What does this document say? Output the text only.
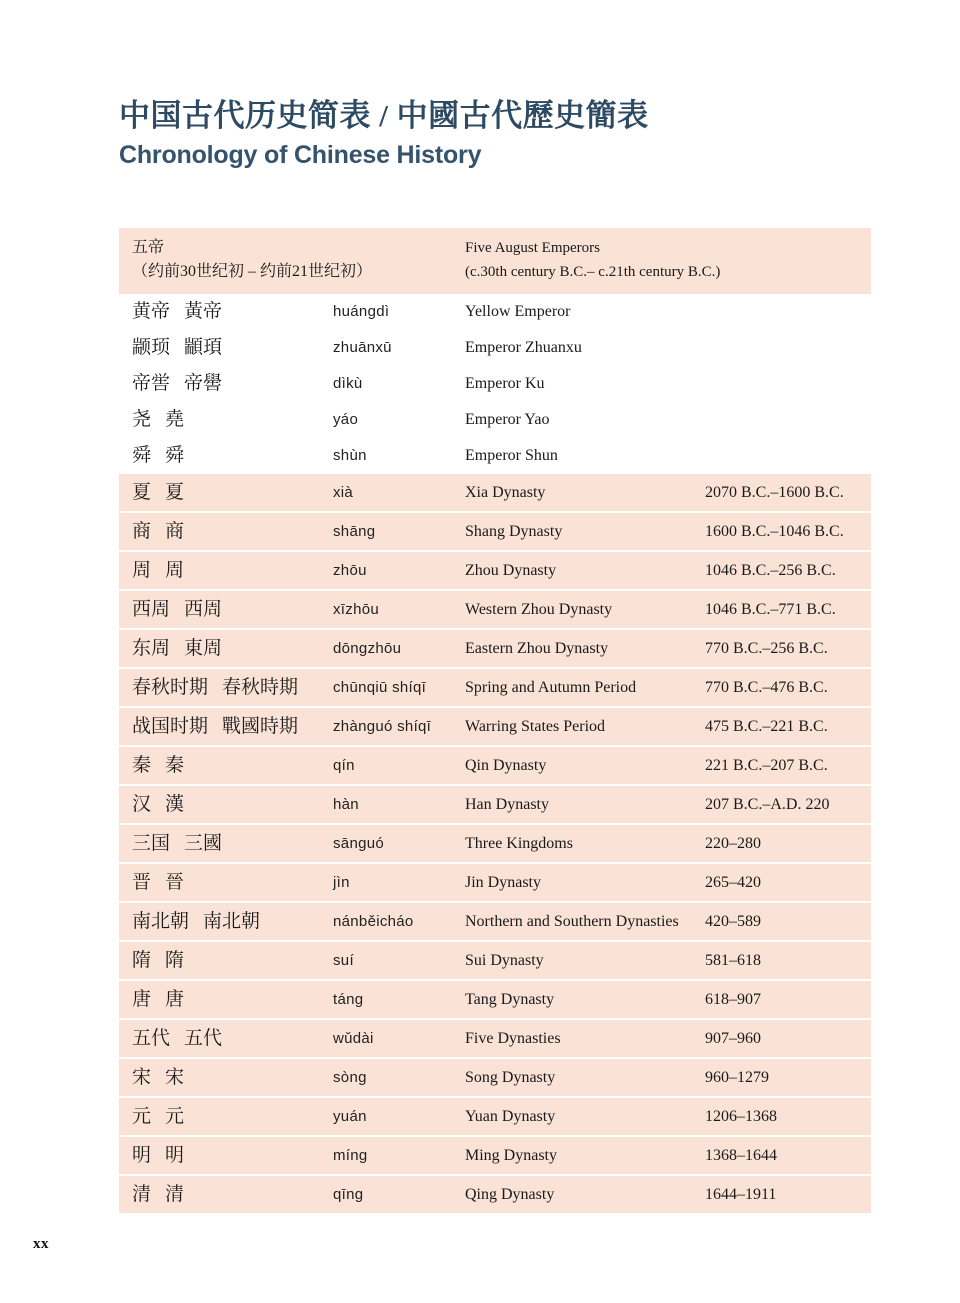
中国古代历史简表 / 中國古代歷史簡表
Chronology of Chinese History
五帝
（约前30世纪初 – 约前21世纪初）
Five August Emperors
(c.30th century B.C.– c.21th century B.C.)
黄帝 黃帝	huángdì	Yellow Emperor
颛顼 顓頊	zhuānxū	Emperor Zhuanxu
帝喾 帝嚳	dìkù	Emperor Ku
尧 堯	yáo	Emperor Yao
舜 舜	shùn	Emperor Shun
夏 夏	xià	Xia Dynasty	2070 B.C.–1600 B.C.
商 商	shāng	Shang Dynasty	1600 B.C.–1046 B.C.
周 周	zhōu	Zhou Dynasty	1046 B.C.–256 B.C.
西周 西周	xīzhōu	Western Zhou Dynasty	1046 B.C.–771 B.C.
东周 東周	dōngzhōu	Eastern Zhou Dynasty	770 B.C.–256 B.C.
春秋时期 春秋時期	chūnqiū shíqī	Spring and Autumn Period	770 B.C.–476 B.C.
战国时期 戰國時期	zhànguó shíqī	Warring States Period	475 B.C.–221 B.C.
秦 秦	qín	Qin Dynasty	221 B.C.–207 B.C.
汉 漢	hàn	Han Dynasty	207 B.C.–A.D. 220
三国 三國	sānguó	Three Kingdoms	220–280
晋 晉	jìn	Jin Dynasty	265–420
南北朝 南北朝	nánběicháo	Northern and Southern Dynasties	420–589
隋 隋	suí	Sui Dynasty	581–618
唐 唐	táng	Tang Dynasty	618–907
五代 五代	wǔdài	Five Dynasties	907–960
宋 宋	sòng	Song Dynasty	960–1279
元 元	yuán	Yuan Dynasty	1206–1368
明 明	míng	Ming Dynasty	1368–1644
清 清	qīng	Qing Dynasty	1644–1911
xx
